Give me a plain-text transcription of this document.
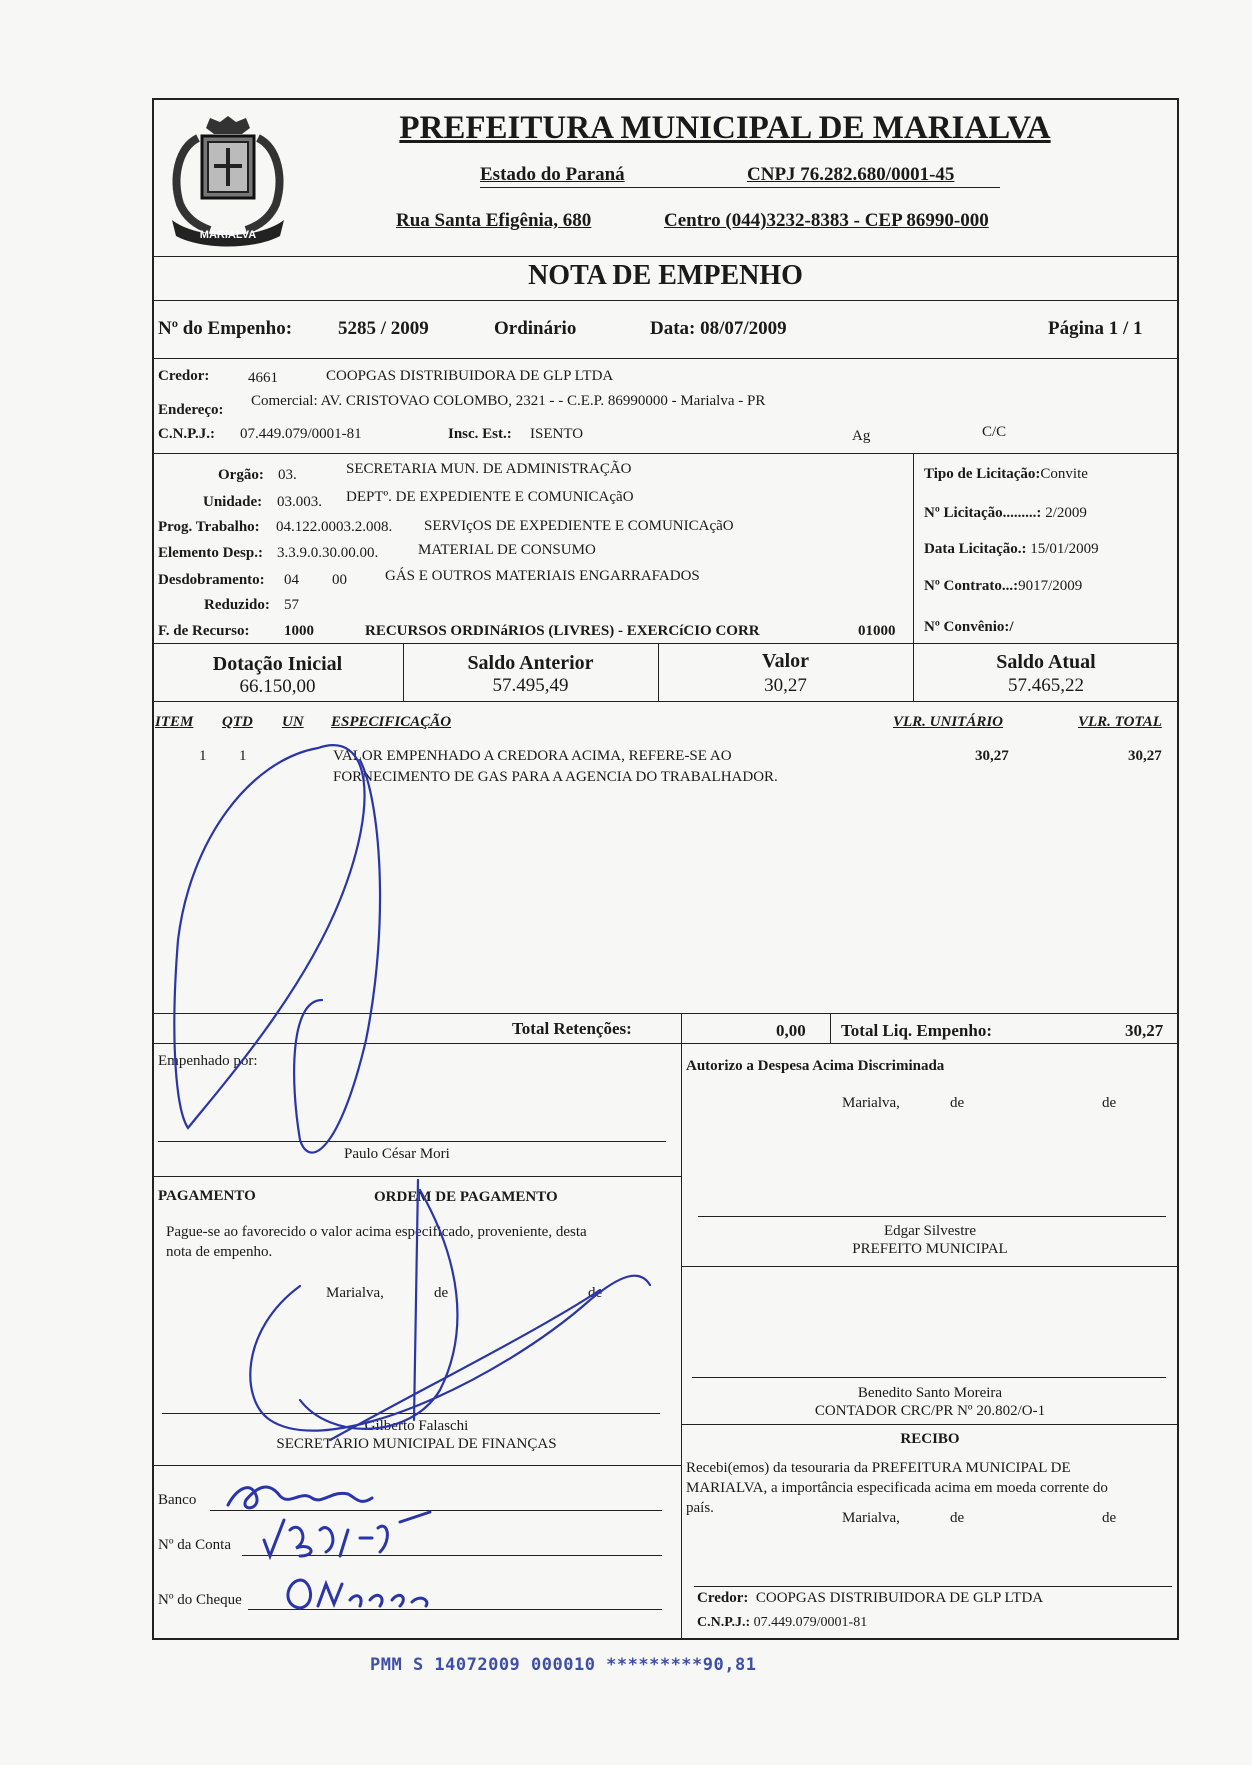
MARIALVA
PREFEITURA MUNICIPAL DE MARIALVA
Estado do Paraná	CNPJ 76.282.680/0001-45
Rua Santa Efigênia, 680	Centro (044)3232-8383 - CEP 86990-000
NOTA DE EMPENHO
Nº do Empenho: 5285 / 2009	Ordinário	Data: 08/07/2009	Página 1 / 1
Credor:	4661	COOPGAS DISTRIBUIDORA DE GLP LTDA
Endereço:
Comercial: AV. CRISTOVAO COLOMBO, 2321 - - C.E.P. 86990000 - Marialva - PR
C.N.P.J.: 07.449.079/0001-81	Insc. Est.: ISENTO	Ag	C/C
Orgão: 03.	SECRETARIA MUN. DE ADMINISTRAÇÃO
Unidade: 03.003. DEPTº. DE EXPEDIENTE E COMUNICAçãO
Prog. Trabalho: 04.122.0003.2.008. SERVIçOS DE EXPEDIENTE E COMUNICAçãO
Elemento Desp.: 3.3.9.0.30.00.00.	MATERIAL DE CONSUMO
Desdobramento: 04 00	GÁS E OUTROS MATERIAIS ENGARRAFADOS
Reduzido: 57
F. de Recurso: 1000	RECURSOS ORDINáRIOS (LIVRES) - EXERCíCIO CORR	01000
Tipo de Licitação:Convite
Nº Licitação.........: 2/2009
Data Licitação.: 15/01/2009
Nº Contrato...:9017/2009
Nº Convênio:/
Dotação Inicial
66.150,00
Saldo Anterior
57.495,49
Valor
30,27
Saldo Atual
57.465,22
ITEM QTD UN ESPECIFICAÇÃO	VLR. UNITÁRIO	VLR. TOTAL
1 1	VALOR EMPENHADO A CREDORA ACIMA, REFERE-SE AO
FORNECIMENTO DE GAS PARA A AGENCIA DO TRABALHADOR.
30,27	30,27
Total Retenções:	0,00 Total Liq. Empenho:	30,27
Empenhado por:
Paulo César Mori
Autorizo a Despesa Acima Discriminada
Marialva,	de	de
Edgar Silvestre
PREFEITO MUNICIPAL
PAGAMENTO	ORDEM DE PAGAMENTO
Pague-se ao favorecido o valor acima especificado, proveniente, desta
nota de empenho.
Marialva,	de	de
Gilberto Falaschi
SECRETÁRIO MUNICIPAL DE FINANÇAS
Banco
Nº da Conta
Nº do Cheque
Benedito Santo Moreira
CONTADOR CRC/PR Nº 20.802/O-1
RECIBO
Recebi(emos) da tesouraria da PREFEITURA MUNICIPAL DE
MARIALVA, a importância especificada acima em moeda corrente do
país.
Marialva,	de	de
Credor: COOPGAS DISTRIBUIDORA DE GLP LTDA
C.N.P.J.: 07.449.079/0001-81
PMM S 14072009 000010 *********90,81
